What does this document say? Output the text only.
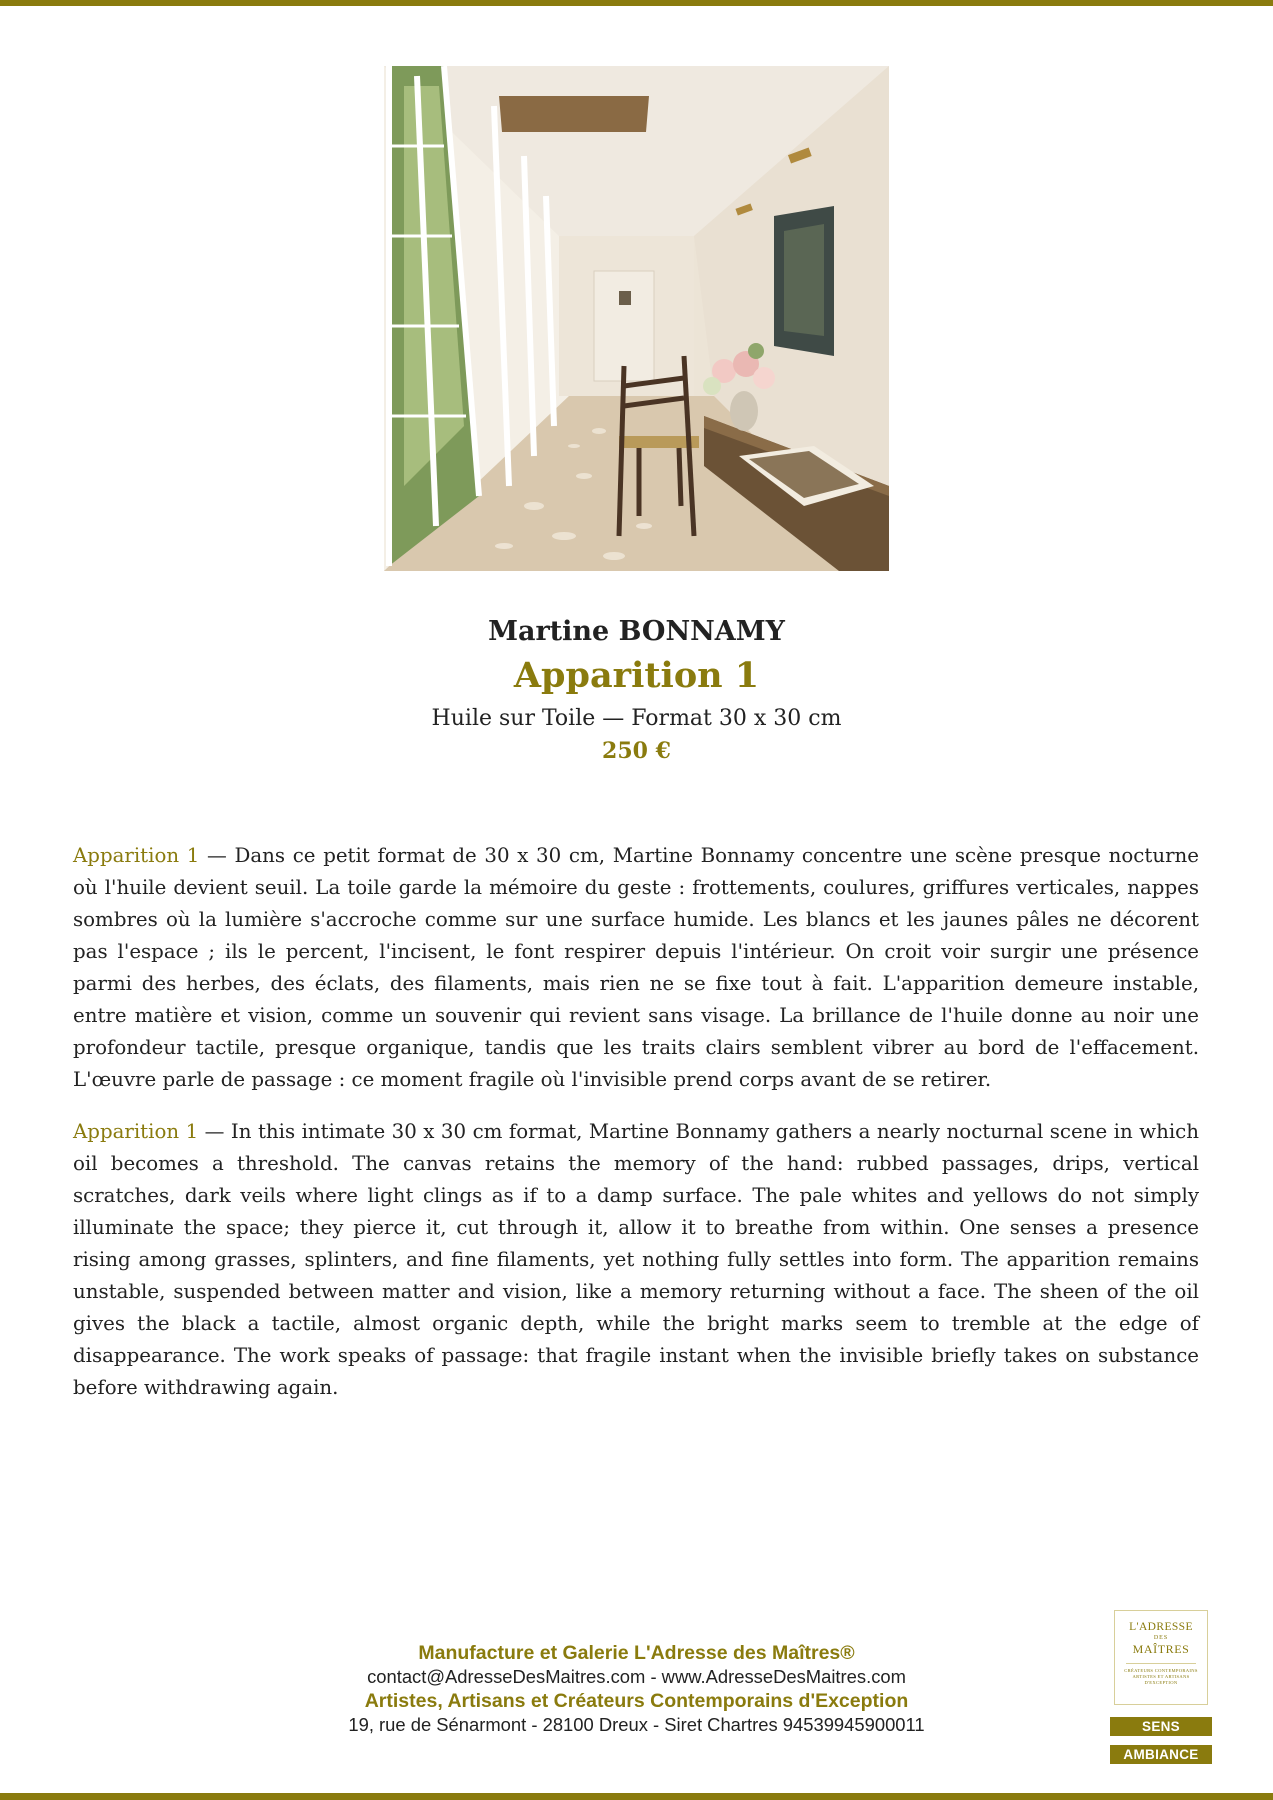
Martine BONNAMY
Apparition 1
Huile sur Toile — Format 30 x 30 cm
250 €

Apparition 1 — Dans ce petit format de 30 x 30 cm, Martine Bonnamy concentre une scène presque nocturne où l'huile devient seuil. La toile garde la mémoire du geste : frottements, coulures, griffures verticales, nappes sombres où la lumière s'accroche comme sur une surface humide. Les blancs et les jaunes pâles ne décorent pas l'espace ; ils le percent, l'incisent, le font respirer depuis l'intérieur. On croit voir surgir une présence parmi des herbes, des éclats, des filaments, mais rien ne se fixe tout à fait. L'apparition demeure instable, entre matière et vision, comme un souvenir qui revient sans visage. La brillance de l'huile donne au noir une profondeur tactile, presque organique, tandis que les traits clairs semblent vibrer au bord de l'effacement. L'œuvre parle de passage : ce moment fragile où l'invisible prend corps avant de se retirer.

Apparition 1 — In this intimate 30 x 30 cm format, Martine Bonnamy gathers a nearly nocturnal scene in which oil becomes a threshold. The canvas retains the memory of the hand: rubbed passages, drips, vertical scratches, dark veils where light clings as if to a damp surface. The pale whites and yellows do not simply illuminate the space; they pierce it, cut through it, allow it to breathe from within. One senses a presence rising among grasses, splinters, and fine filaments, yet nothing fully settles into form. The apparition remains unstable, suspended between matter and vision, like a memory returning without a face. The sheen of the oil gives the black a tactile, almost organic depth, while the bright marks seem to tremble at the edge of disappearance. The work speaks of passage: that fragile instant when the invisible briefly takes on substance before withdrawing again.

Manufacture et Galerie L'Adresse des Maîtres®
contact@AdresseDesMaitres.com - www.AdresseDesMaitres.com
Artistes, Artisans et Créateurs Contemporains d'Exception
19, rue de Sénarmont - 28100 Dreux - Siret Chartres 94539945900011
L'ADRESSE
DES
MAÎTRES
CRÉATEURS CONTEMPORAINS ARTISTES ET ARTISANS D'EXCEPTION
SENS
AMBIANCE
